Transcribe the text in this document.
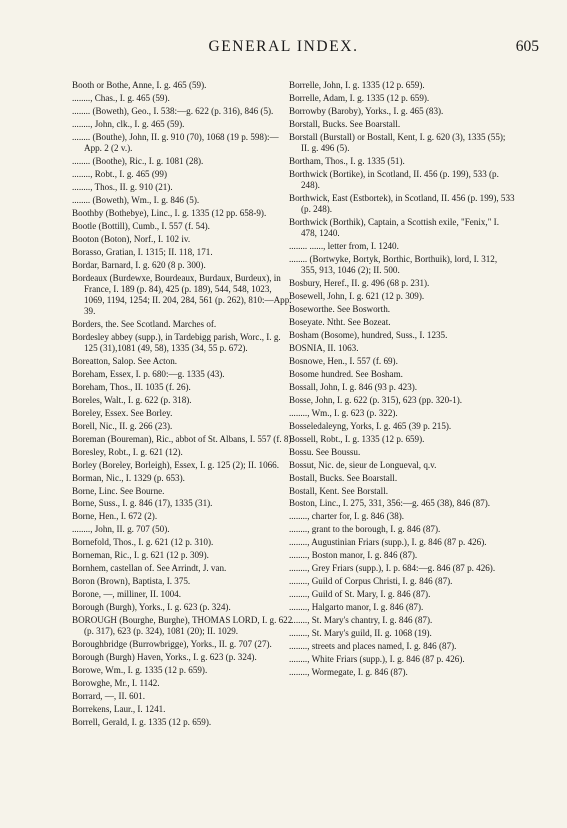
GENERAL INDEX.	605
Booth or Bothe, Anne, I. g. 465 (59).
........, Chas., I. g. 465 (59).
........ (Boweth), Geo., I. 538:—g. 622 (p. 316), 846 (5).
........, John, clk., I. g. 465 (59).
........ (Bouthe), John, II. g. 910 (70), 1068 (19 p. 598):—App. 2 (2 v.).
........ (Boothe), Ric., I. g. 1081 (28).
........, Robt., I. g. 465 (99)
........, Thos., II. g. 910 (21).
........ (Boweth), Wm., I. g. 846 (5).
Boothby (Bothebye), Linc., I. g. 1335 (12 pp. 658-9).
Bootle (Bottill), Cumb., I. 557 (f. 54).
Booton (Boton), Norf., I. 102 iv.
Borasso, Gratian, I. 1315; II. 118, 171.
Bordar, Barnard, I. g. 620 (8 p. 300).
Bordeaux (Burdewxe, Bourdeaux, Burdaux, Burdeux), in France, I. 189 (p. 84), 425 (p. 189), 544, 548, 1023, 1069, 1194, 1254; II. 204, 284, 561 (p. 262), 810:—App. 39.
Borders, the. See Scotland. Marches of.
Bordesley abbey (supp.), in Tardebigg parish, Worc., I. g. 125 (31),1081 (49, 58), 1335 (34, 55 p. 672).
Boreatton, Salop. See Acton.
Boreham, Essex, I. p. 680:—g. 1335 (43).
Boreham, Thos., II. 1035 (f. 26).
Boreles, Walt., I. g. 622 (p. 318).
Boreley, Essex. See Borley.
Borell, Nic., II. g. 266 (23).
Boreman (Boureman), Ric., abbot of St. Albans, I. 557 (f. 8).
Boresley, Robt., I. g. 621 (12).
Borley (Boreley, Borleigh), Essex, I. g. 125 (2); II. 1066.
Borman, Nic., I. 1329 (p. 653).
Borne, Linc. See Bourne.
Borne, Suss., I. g. 846 (17), 1335 (31).
Borne, Hen., I. 672 (2).
........, John, II. g. 707 (50).
Bornefold, Thos., I. g. 621 (12 p. 310).
Borneman, Ric., I. g. 621 (12 p. 309).
Bornhem, castellan of. See Arrindt, J. van.
Boron (Brown), Baptista, I. 375.
Borone, —, milliner, II. 1004.
Borough (Burgh), Yorks., I. g. 623 (p. 324).
BOROUGH (Bourghe, Burghe), THOMAS LORD, I. g. 622 (p. 317), 623 (p. 324), 1081 (20); II. 1029.
Boroughbridge (Burrowbrigge), Yorks., II. g. 707 (27).
Borough (Burgh) Haven, Yorks., I. g. 623 (p. 324).
Borowe, Wm., I. g. 1335 (12 p. 659).
Borowghe, Mr., I. 1142.
Borrard, —, II. 601.
Borrekens, Laur., I. 1241.
Borrell, Gerald, I. g. 1335 (12 p. 659).
Borrelle, John, I. g. 1335 (12 p. 659).
Borrelle, Adam, I. g. 1335 (12 p. 659).
Borrowby (Baroby), Yorks., I. g. 465 (83).
Borstall, Bucks. See Boarstall.
Borstall (Burstall) or Bostall, Kent, I. g. 620 (3), 1335 (55); II. g. 496 (5).
Bortham, Thos., I. g. 1335 (51).
Borthwick (Bortike), in Scotland, II. 456 (p. 199), 533 (p. 248).
Borthwick, East (Estbortek), in Scotland, II. 456 (p. 199), 533 (p. 248).
Borthwick (Borthik), Captain, a Scottish exile, "Fenix," I. 478, 1240.
........ ......, letter from, I. 1240.
........ (Bortwyke, Bortyk, Borthic, Borthuik), lord, I. 312, 355, 913, 1046 (2); II. 500.
Bosbury, Heref., II. g. 496 (68 p. 231).
Bosewell, John, I. g. 621 (12 p. 309).
Boseworthe. See Bosworth.
Boseyate. Ntht. See Bozeat.
Bosham (Bosome), hundred, Suss., I. 1235.
BOSNIA, II. 1063.
Bosnowe, Hen., I. 557 (f. 69).
Bosome hundred. See Bosham.
Bossall, John, I. g. 846 (93 p. 423).
Bosse, John, I. g. 622 (p. 315), 623 (pp. 320-1).
........, Wm., I. g. 623 (p. 322).
Bosseledaleyng, Yorks, I. g. 465 (39 p. 215).
Bossell, Robt., I. g. 1335 (12 p. 659).
Bossu. See Boussu.
Bossut, Nic. de, sieur de Longueval, q.v.
Bostall, Bucks. See Boarstall.
Bostall, Kent. See Borstall.
Boston, Linc., I. 275, 331, 356:—g. 465 (38), 846 (87).
........, charter for, I. g. 846 (38).
........, grant to the borough, I. g. 846 (87).
........, Augustinian Friars (supp.), I. g. 846 (87 p. 426).
........, Boston manor, I. g. 846 (87).
........, Grey Friars (supp.), I. p. 684:—g. 846 (87 p. 426).
........, Guild of Corpus Christi, I. g. 846 (87).
........, Guild of St. Mary, I. g. 846 (87).
........, Halgarto manor, I. g. 846 (87).
........, St. Mary's chantry, I. g. 846 (87).
........, St. Mary's guild, II. g. 1068 (19).
........, streets and places named, I. g. 846 (87).
........, White Friars (supp.), I. g. 846 (87 p. 426).
........, Wormegate, I. g. 846 (87).
